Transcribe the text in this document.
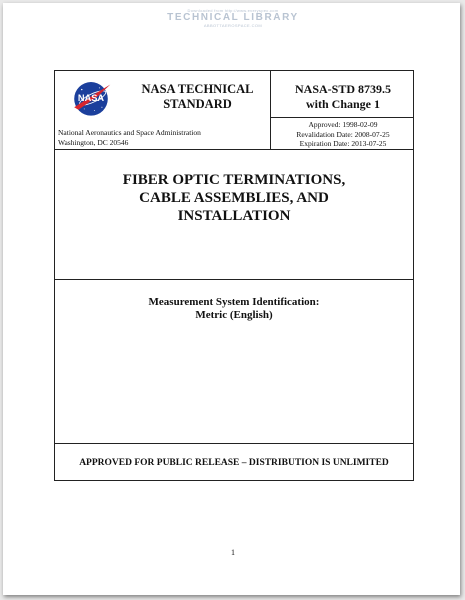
Downloaded from http://www.everyspec.com
TECHNICAL LIBRARY
ABBOTTAEROSPACE.COM
NASA
NASA TECHNICAL
STANDARD
National Aeronautics and Space Administration
Washington, DC 20546
NASA-STD 8739.5
with Change 1
Approved: 1998-02-09
Revalidation Date: 2008-07-25
Expiration Date: 2013-07-25
FIBER OPTIC TERMINATIONS,
CABLE ASSEMBLIES, AND
INSTALLATION
Measurement System Identification:
Metric (English)
APPROVED FOR PUBLIC RELEASE – DISTRIBUTION IS UNLIMITED
1
